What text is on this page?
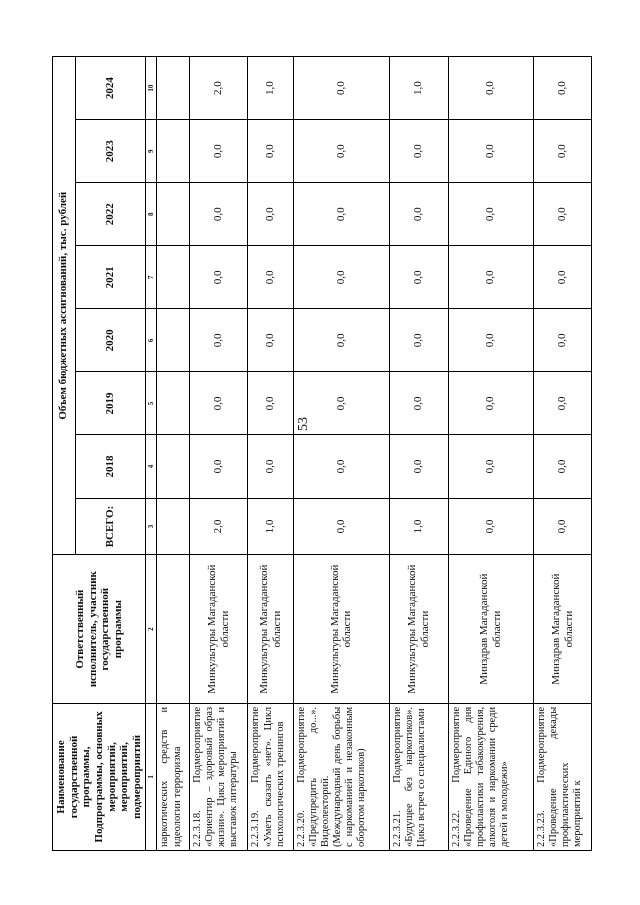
53
Наименование государственной программы, Подпрограммы, основных мероприятий, мероприятий, подмероприятий	Ответственный исполнитель, участник государственной программы	Объем бюджетных ассигнований, тыс. рублей							
		ВСЕГО:	2018	2019	2020	2021	2022	2023	2024
1	2	3	4	5	6	7	8	9	10
наркотических средств и идеологии терроризма									
2.2.3.18. Подмероприятие «Ориентир – здоровый образ жизни». Цикл мероприятий и выставок литературы	Минкультуры Магаданской области	2,0	0,0	0,0	0,0	0,0	0,0	0,0	2,0
2.2.3.19. Подмероприятие «Уметь сказать «нет». Цикл психологических тренингов	Минкультуры Магаданской области	1,0	0,0	0,0	0,0	0,0	0,0	0,0	1,0
2.2.3.20. Подмероприятие «Предупредить до...». Видеолекторий. (Международный день борьбы с наркоманией и незаконным оборотом наркотиков)	Минкультуры Магаданской области	0,0	0,0	0,0	0,0	0,0	0,0	0,0	0,0
2.2.3.21. Подмероприятие «Будущее без наркотиков». Цикл встреч со специалистами	Минкультуры Магаданской области	1,0	0,0	0,0	0,0	0,0	0,0	0,0	1,0
2.2.3.22. Подмероприятие «Проведение Единого дня профилактики табакокурения, алкоголя и наркомании среди детей и молодежи»	Минздрав Магаданской области	0,0	0,0	0,0	0,0	0,0	0,0	0,0	0,0
2.2.3.23. Подмероприятие «Проведение декады профилактических мероприятий к	Минздрав Магаданской области	0,0	0,0	0,0	0,0	0,0	0,0	0,0	0,0
